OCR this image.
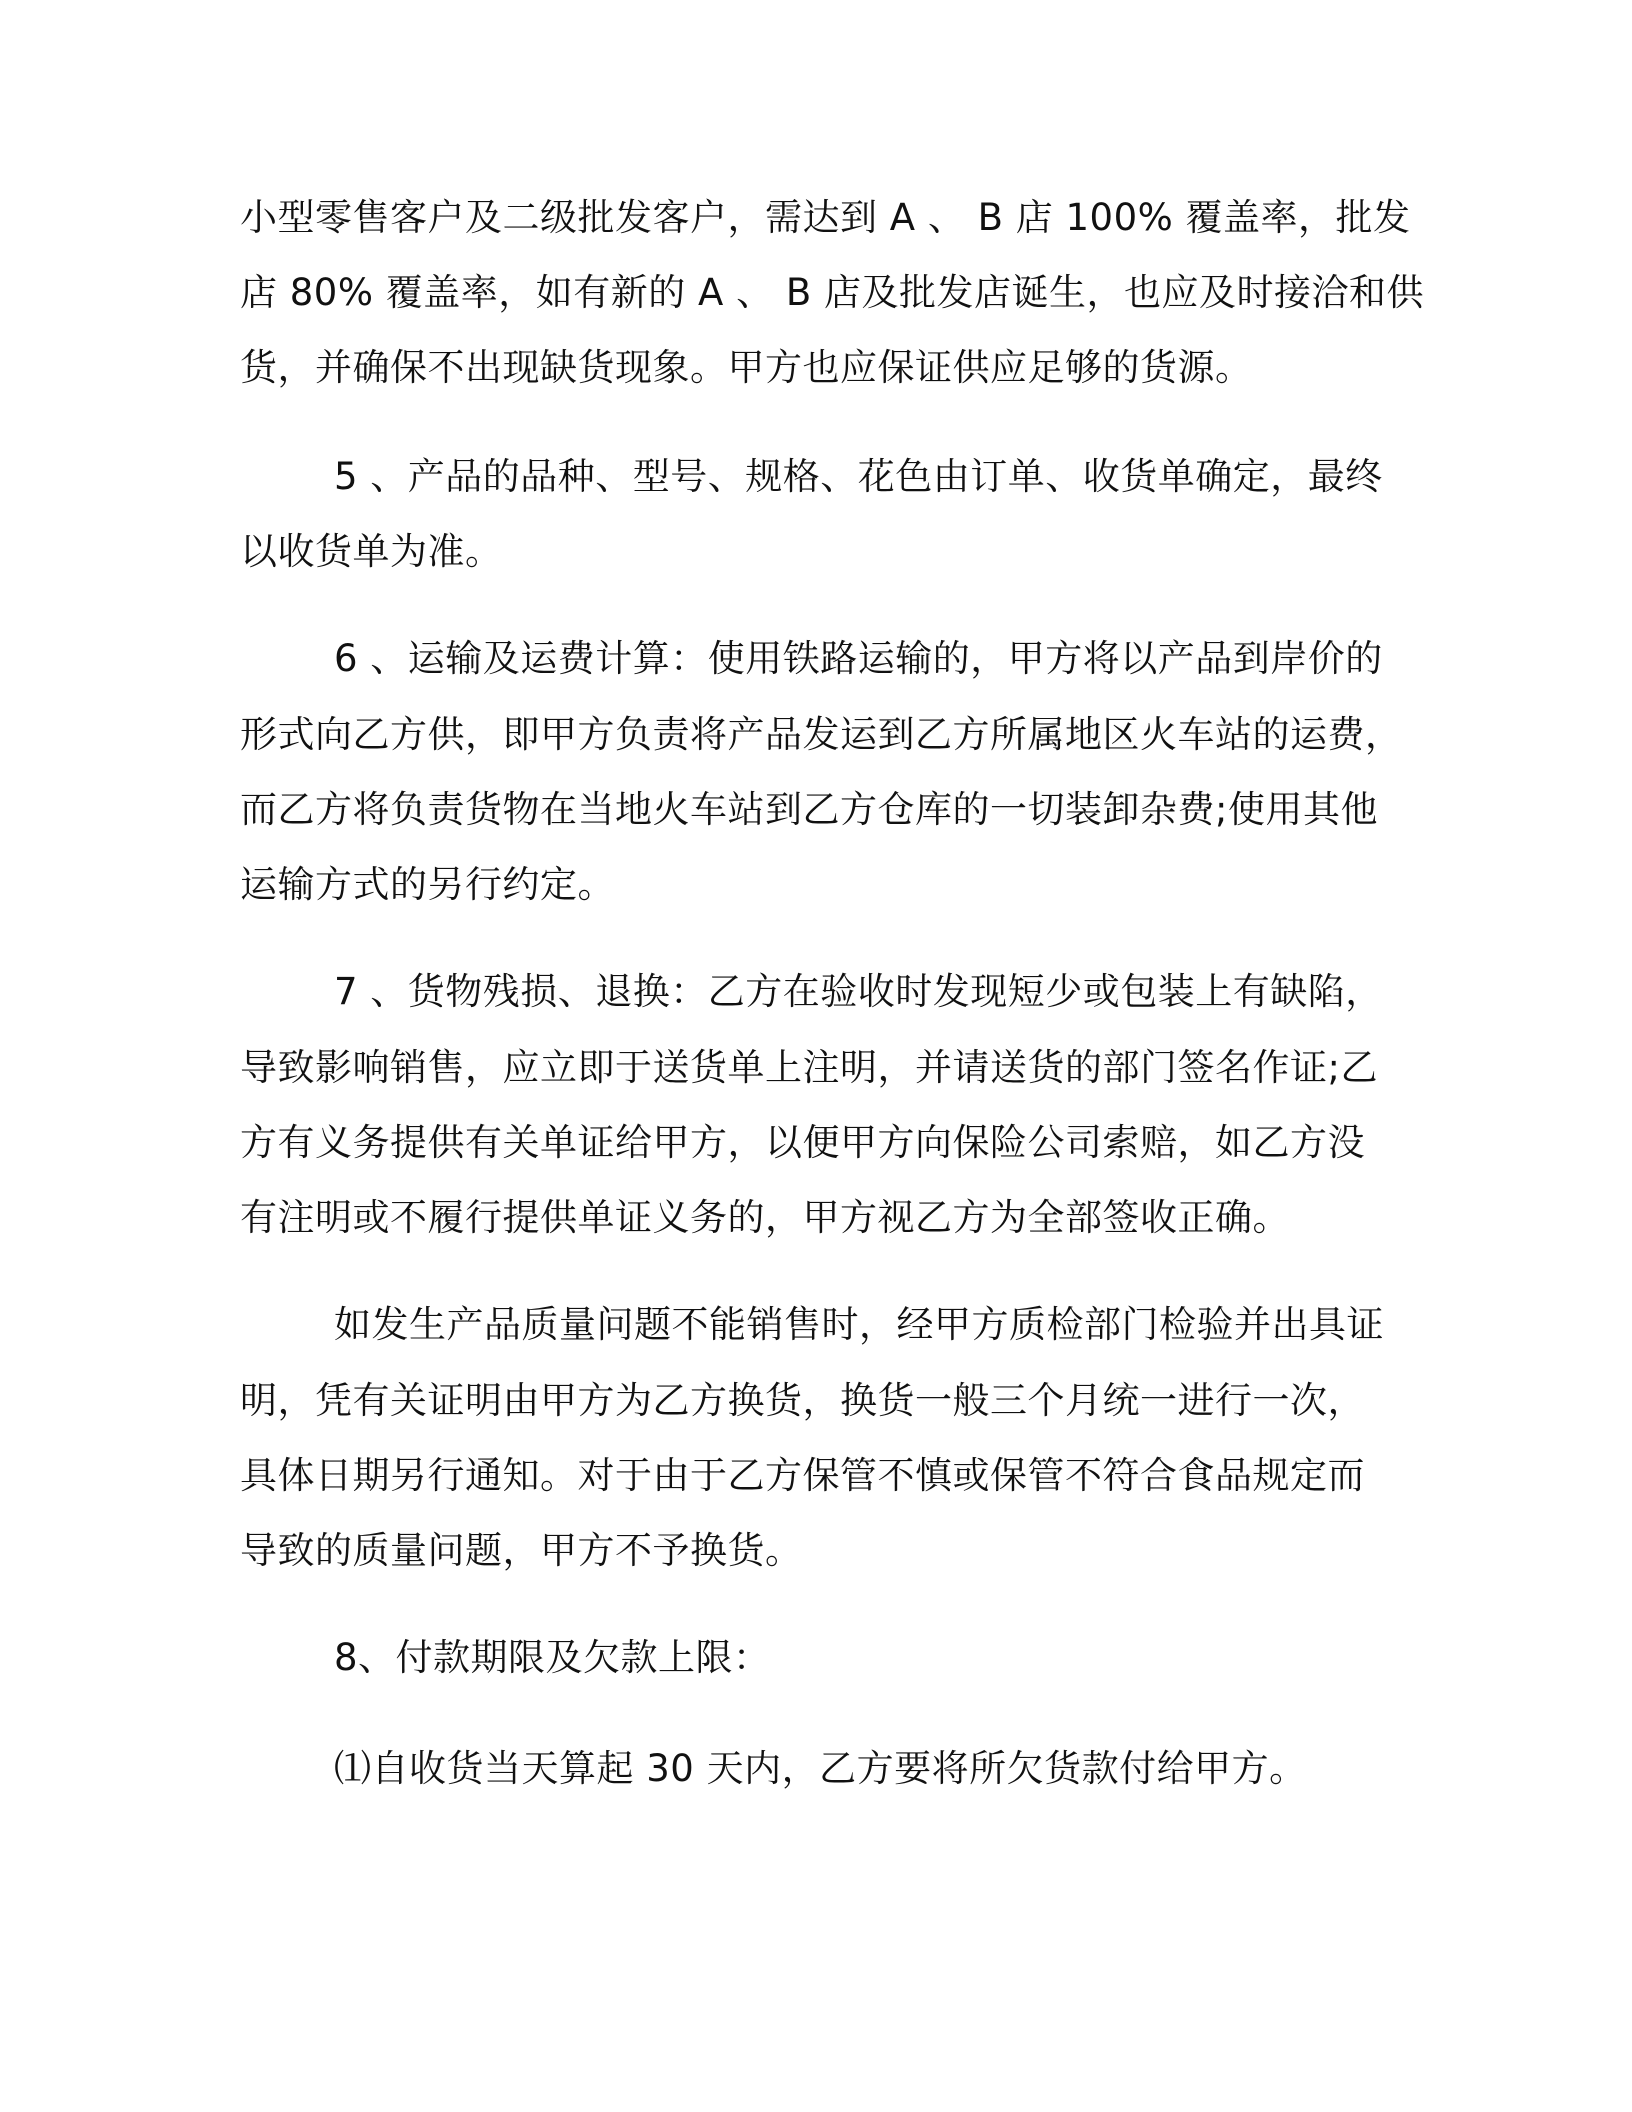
小型零售客户及二级批发客户，需达到 A 、 B 店 100% 覆盖率，批发
店 80% 覆盖率，如有新的 A 、 B 店及批发店诞生，也应及时接洽和供
货，并确保不出现缺货现象。甲方也应保证供应足够的货源。
5 、产品的品种、型号、规格、花色由订单、收货单确定，最终
以收货单为准。
6 、运输及运费计算：使用铁路运输的，甲方将以产品到岸价的
形式向乙方供，即甲方负责将产品发运到乙方所属地区火车站的运费，
而乙方将负责货物在当地火车站到乙方仓库的一切装卸杂费;使用其他
运输方式的另行约定。
7 、货物残损、退换：乙方在验收时发现短少或包装上有缺陷，
导致影响销售，应立即于送货单上注明，并请送货的部门签名作证;乙
方有义务提供有关单证给甲方，以便甲方向保险公司索赔，如乙方没
有注明或不履行提供单证义务的，甲方视乙方为全部签收正确。
如发生产品质量问题不能销售时，经甲方质检部门检验并出具证
明，凭有关证明由甲方为乙方换货，换货一般三个月统一进行一次，
具体日期另行通知。对于由于乙方保管不慎或保管不符合食品规定而
导致的质量问题，甲方不予换货。
8、付款期限及欠款上限：
⑴自收货当天算起 30 天内，乙方要将所欠货款付给甲方。
